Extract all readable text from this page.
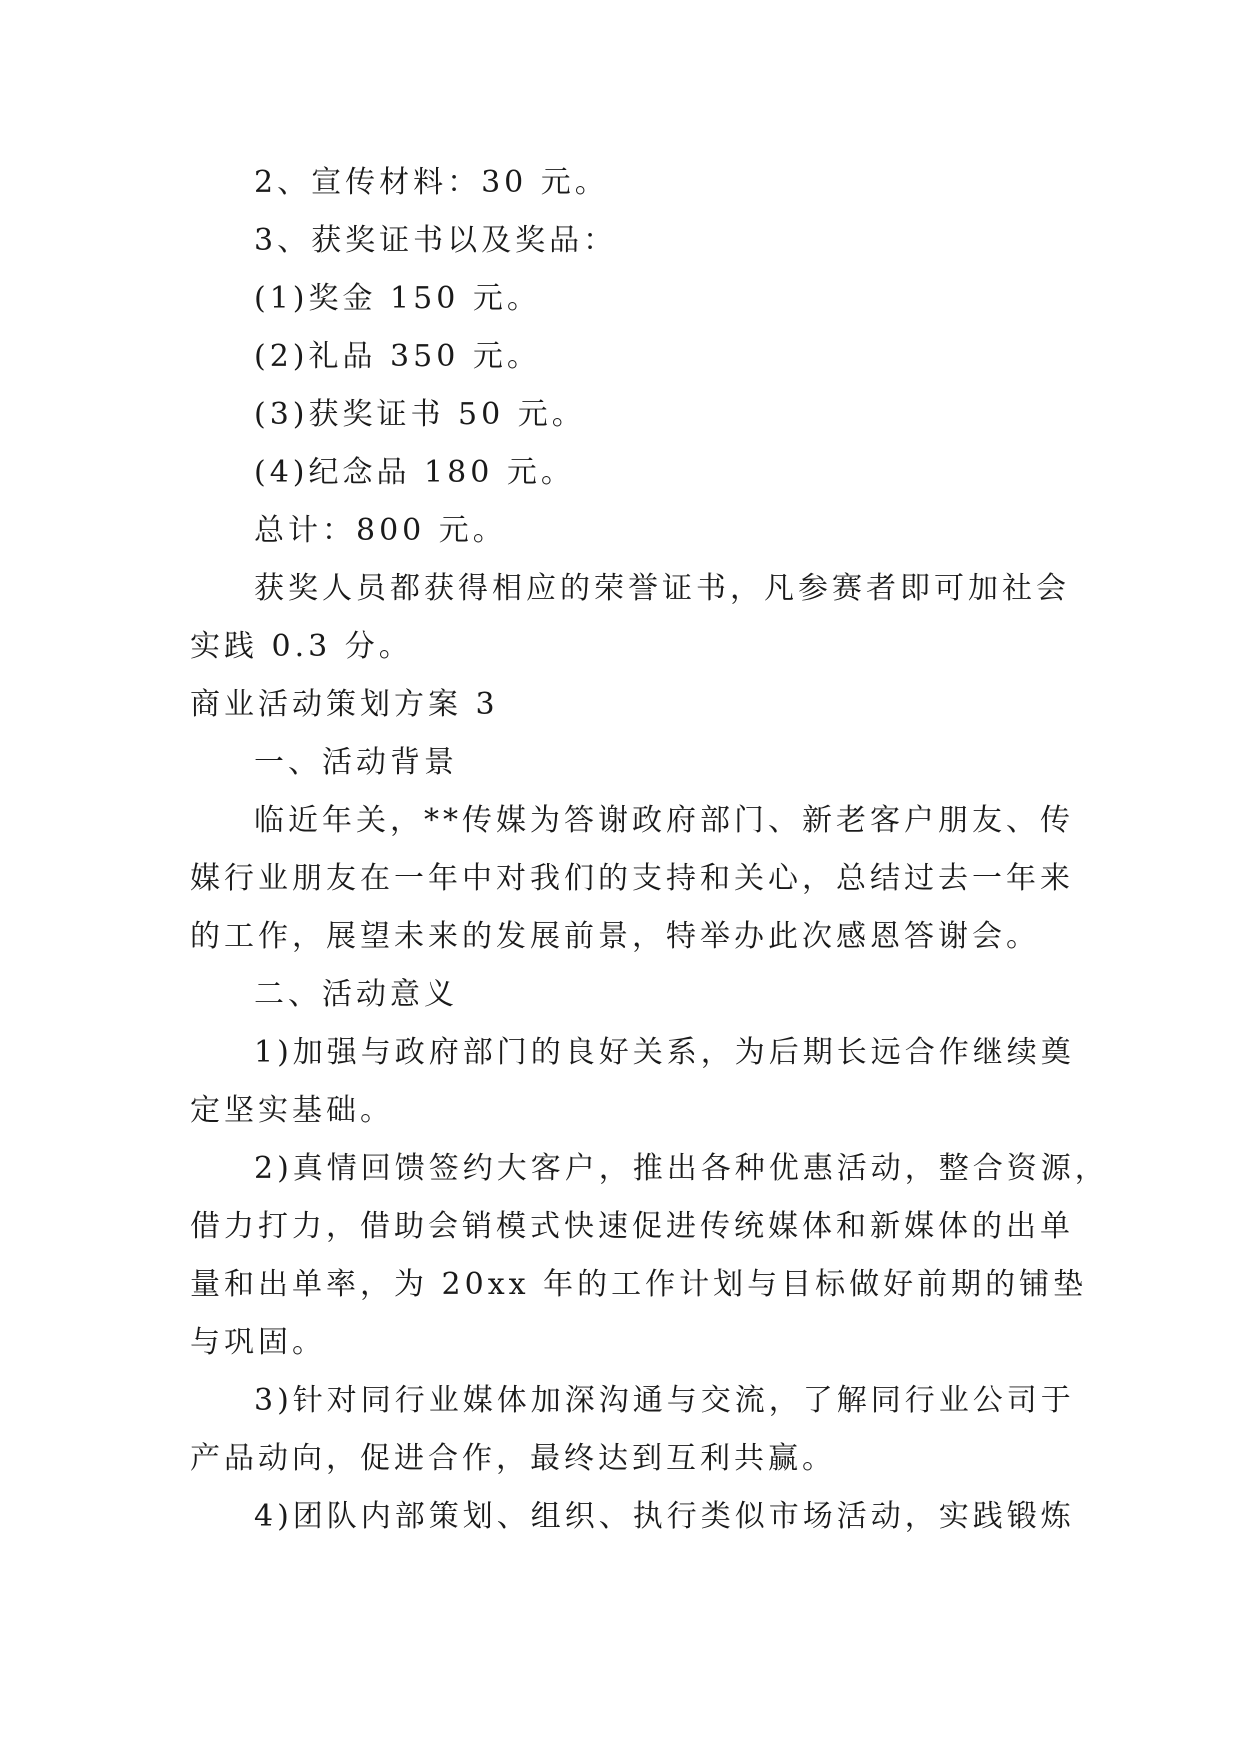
2、宣传材料：30 元。
3、获奖证书以及奖品：
(1)奖金 150 元。
(2)礼品 350 元。
(3)获奖证书 50 元。
(4)纪念品 180 元。
总计：800 元。
获奖人员都获得相应的荣誉证书，凡参赛者即可加社会
实践 0.3 分。
商业活动策划方案 3
一、活动背景
临近年关，**传媒为答谢政府部门、新老客户朋友、传
媒行业朋友在一年中对我们的支持和关心，总结过去一年来
的工作，展望未来的发展前景，特举办此次感恩答谢会。
二、活动意义
1)加强与政府部门的良好关系，为后期长远合作继续奠
定坚实基础。
2)真情回馈签约大客户，推出各种优惠活动，整合资源，
借力打力，借助会销模式快速促进传统媒体和新媒体的出单
量和出单率，为 20xx 年的工作计划与目标做好前期的铺垫
与巩固。
3)针对同行业媒体加深沟通与交流，了解同行业公司于
产品动向，促进合作，最终达到互利共赢。
4)团队内部策划、组织、执行类似市场活动，实践锻炼
